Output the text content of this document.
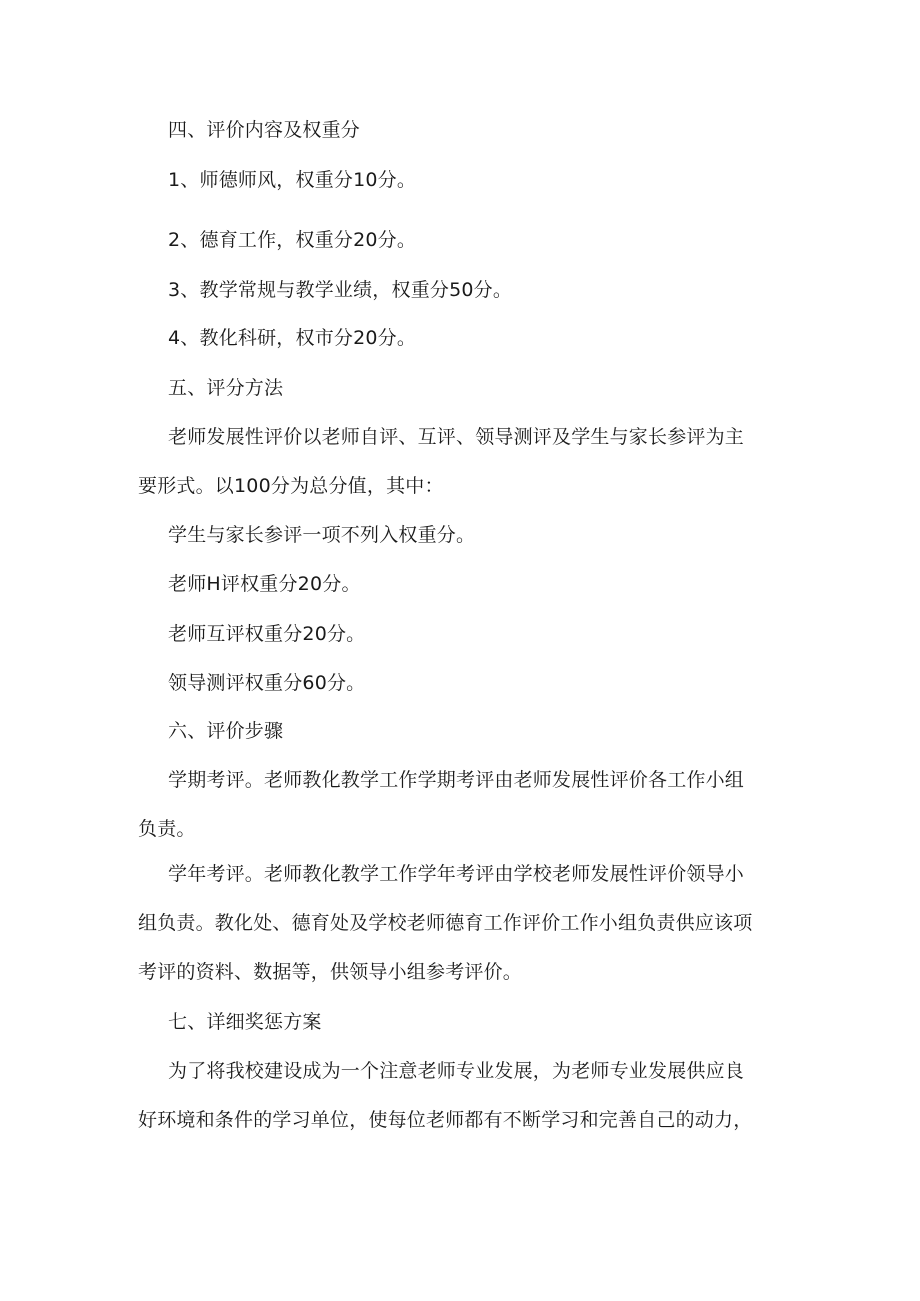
四、评价内容及权重分
1、师德师风，权重分10分。
2、德育工作，权重分20分。
3、教学常规与教学业绩，权重分50分。
4、教化科研，权市分20分。
五、评分方法
老师发展性评价以老师自评、互评、领导测评及学生与家长参评为主
要形式。以100分为总分值，其中：
学生与家长参评一项不列入权重分。
老师H评权重分20分。
老师互评权重分20分。
领导测评权重分60分。
六、评价步骤
学期考评。老师教化教学工作学期考评由老师发展性评价各工作小组
负责。
学年考评。老师教化教学工作学年考评由学校老师发展性评价领导小
组负责。教化处、德育处及学校老师德育工作评价工作小组负责供应该项
考评的资料、数据等，供领导小组参考评价。
七、详细奖惩方案
为了将我校建设成为一个注意老师专业发展，为老师专业发展供应良
好环境和条件的学习单位，使每位老师都有不断学习和完善自己的动力，
